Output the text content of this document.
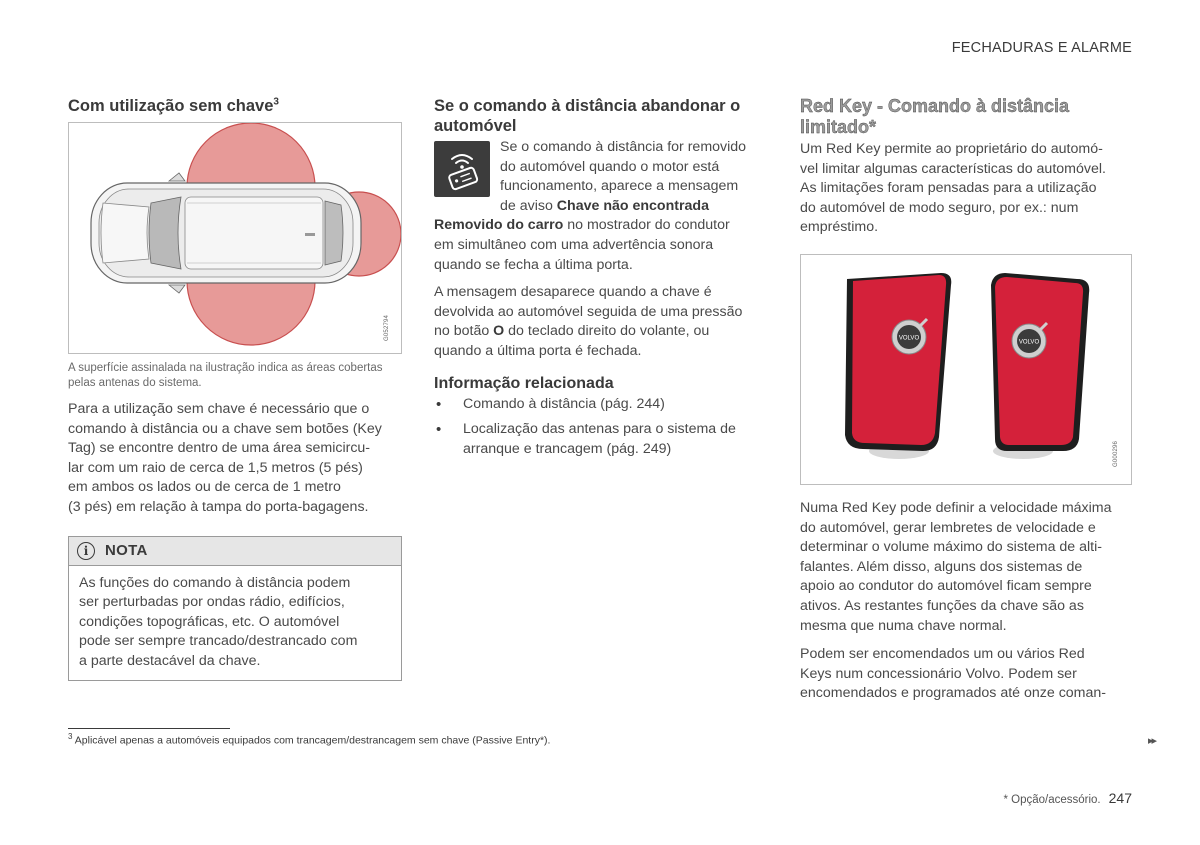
FECHADURAS E ALARME
Com utilização sem chave$^3$
G052794
A superfície assinalada na ilustração indica as áreas cobertas pelas antenas do sistema.

Para a utilização sem chave é necessário que o
comando à distância ou a chave sem botões (Key
Tag) se encontre dentro de uma área semicircu-
lar com um raio de cerca de 1,5 metros (5 pés)
em ambos os lados ou de cerca de 1 metro
(3 pés) em relação à tampa do porta-bagagens.

i	NOTA

As funções do comando à distância podem
ser perturbadas por ondas rádio, edifícios,
condições topográficas, etc. O automóvel
pode ser sempre trancado/destrancado com
a parte destacável da chave.

Se o comando à distância abandonar o
automóvel

Se o comando à distância for removido
do automóvel quando o motor está
funcionamento, aparece a mensagem
de aviso Chave não encontrada
Removido do carro no mostrador do condutor
em simultâneo com uma advertência sonora
quando se fecha a última porta.

A mensagem desaparece quando a chave é
devolvida ao automóvel seguida de uma pressão
no botão O do teclado direito do volante, ou
quando a última porta é fechada.

Informação relacionada
• Comando à distância (pág. 244)
• Localização das antenas para o sistema de
arranque e trancagem (pág. 249)
Red Key - Comando à distância
limitado*

Um Red Key permite ao proprietário do automó-
vel limitar algumas características do automóvel.
As limitações foram pensadas para a utilização
do automóvel de modo seguro, por ex.: num
empréstimo.

VOLVO
VOLVO
G000296

Numa Red Key pode definir a velocidade máxima
do automóvel, gerar lembretes de velocidade e
determinar o volume máximo do sistema de alti-
falantes. Além disso, alguns dos sistemas de
apoio ao condutor do automóvel ficam sempre
ativos. As restantes funções da chave são as
mesma que numa chave normal.

Podem ser encomendados um ou vários Red
Keys num concessionário Volvo. Podem ser
encomendados e programados até onze coman-

$^3$ Aplicável apenas a automóveis equipados com trancagem/destrancagem sem chave (Passive Entry*).	▸▸
* Opção/acessório. 247
